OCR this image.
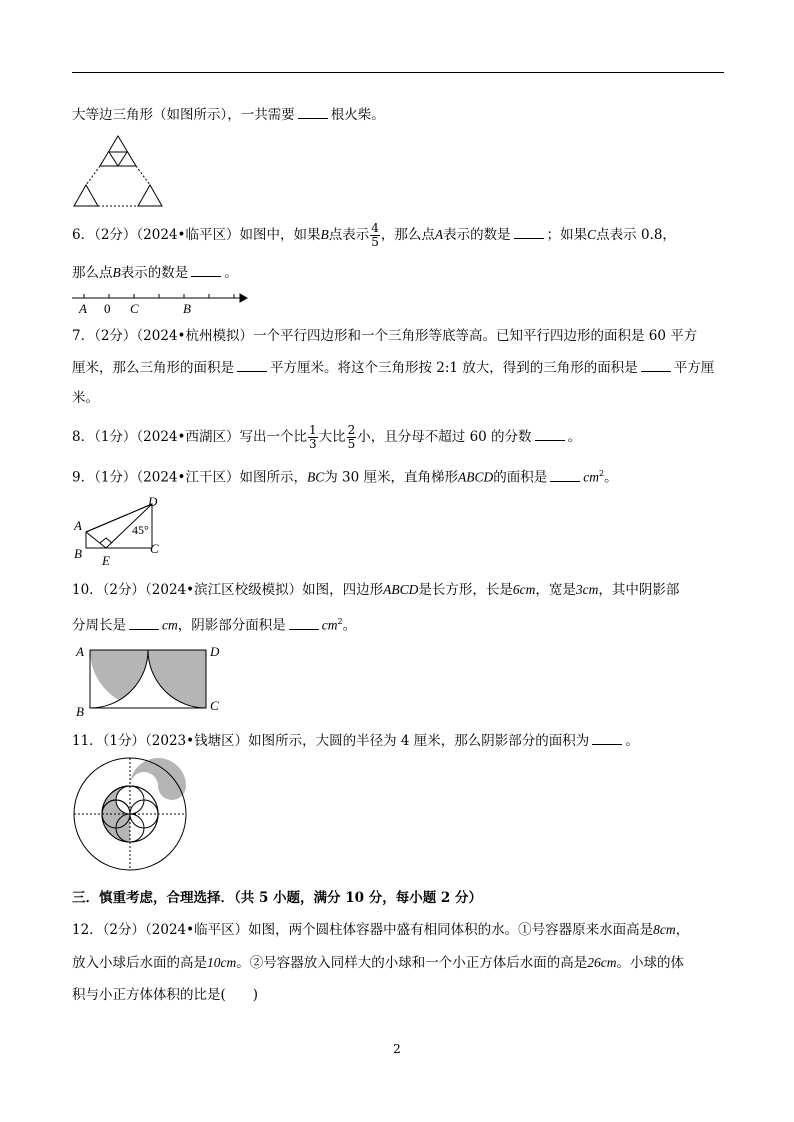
大等边三角形（如图所示），一共需要	根火柴。
6．（2分）（2024•临平区）如图中，如果B点表示 $\frac{4}{5}$ ，那么点A表示的数是	；如果C点表示 0.8，
那么点B表示的数是	。
A 0 C	B
7．（2分）（2024•杭州模拟）一个平行四边形和一个三角形等底等高。已知平行四边形的面积是 60 平方
厘米，那么三角形的面积是	平方厘米。将这个三角形按 2:1 放大，得到的三角形的面积是	平方厘
米。
8．（1分）（2024•西湖区）写出一个比 $\frac{1}{3}$ 大比 $\frac{2}{5}$ 小，且分母不超过 60 的分数	。
9．（1分）（2024•江干区）如图所示，BC为 30 厘米，直角梯形ABCD的面积是	$cm^2$。
A
B	C
D
E
45°
10．（2分）（2024•滨江区校级模拟）如图，四边形ABCD是长方形，长是6cm，宽是3cm，其中阴影部
分周长是	cm，阴影部分面积是	$cm^2$。
A
B	C
D
11．（1分）（2023•钱塘区）如图所示，大圆的半径为 4 厘米，那么阴影部分的面积为	。
三．慎重考虑，合理选择．（共 5 小题，满分 10 分，每小题 2 分）
12．（2分）（2024•临平区）如图，两个圆柱体容器中盛有相同体积的水。①号容器原来水面高是8cm，
放入小球后水面的高是10cm。②号容器放入同样大的小球和一个小正方体后水面的高是26cm。小球的体
积与小正方体体积的比是(　　)
2
